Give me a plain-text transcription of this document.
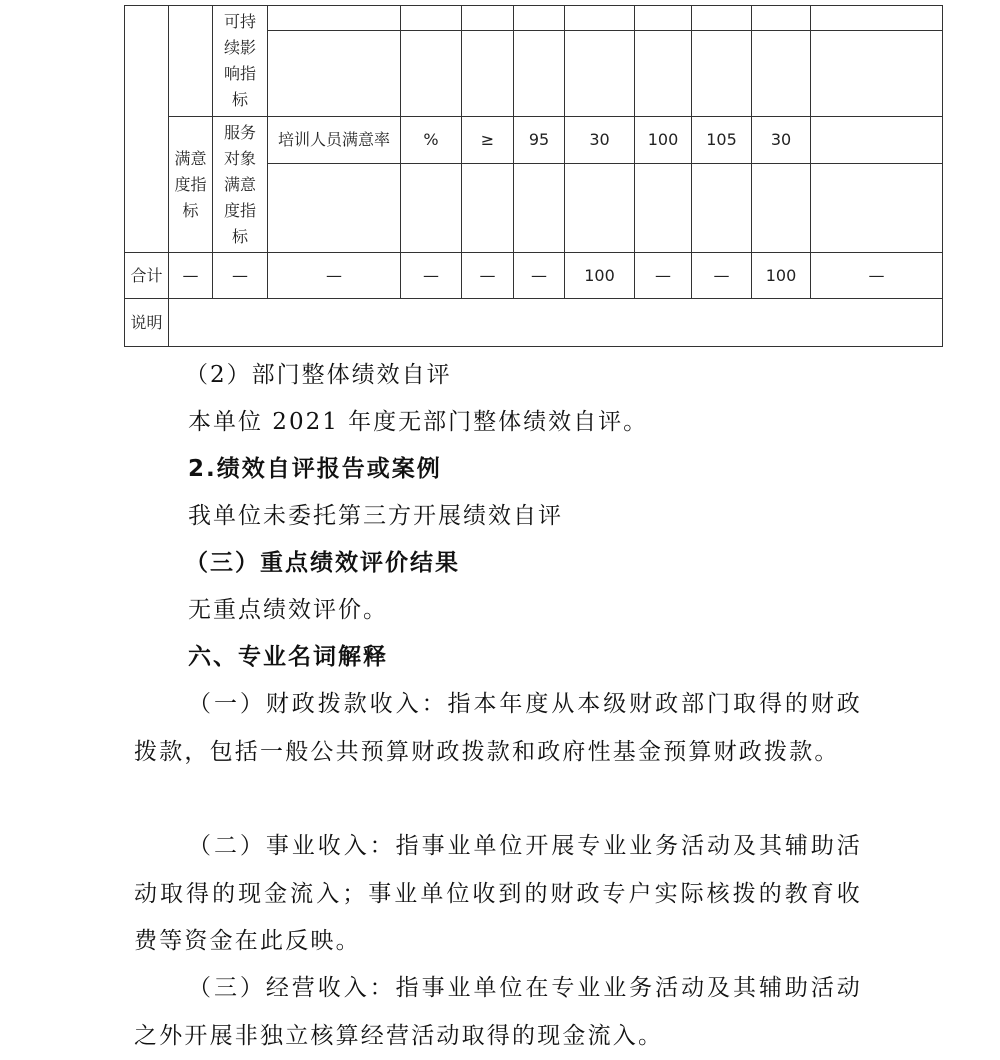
		可持续影响指标									

	满意度指标	服务对象满意度指标	培训人员满意率	%	≥	95	30	100	105	30	

合计	—	—	—	—	—	—	100	—	—	100	—
说明											

（2）部门整体绩效自评

本单位 2021 年度无部门整体绩效自评。

2.绩效自评报告或案例

我单位未委托第三方开展绩效自评

（三）重点绩效评价结果

无重点绩效评价。

六、专业名词解释

（一）财政拨款收入：指本年度从本级财政部门取得的财政拨款，包括一般公共预算财政拨款和政府性基金预算财政拨款。

（二）事业收入：指事业单位开展专业业务活动及其辅助活动取得的现金流入；事业单位收到的财政专户实际核拨的教育收费等资金在此反映。

（三）经营收入：指事业单位在专业业务活动及其辅助活动之外开展非独立核算经营活动取得的现金流入。
